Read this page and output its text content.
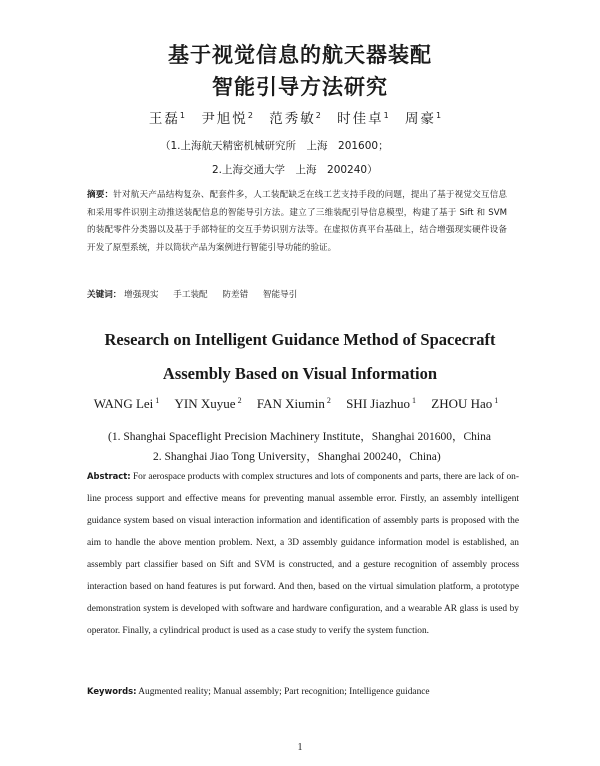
基于视觉信息的航天器装配
智能引导方法研究
王磊$^1$ 尹旭悦$^2$ 范秀敏$^2$ 时佳卓$^1$ 周豪$^1$
（1.上海航天精密机械研究所　上海　201600；
2.上海交通大学　上海　200240）
摘要：针对航天产品结构复杂、配套件多，人工装配缺乏在线工艺支持手段的问题，提出了基于视觉交互信息和采用零件识别主动推送装配信息的智能导引方法。建立了三维装配引导信息模型，构建了基于 Sift 和 SVM 的装配零件分类器以及基于手部特征的交互手势识别方法等。在虚拟仿真平台基础上，结合增强现实硬件设备开发了原型系统，并以筒状产品为案例进行智能引导功能的验证。
关键词： 增强现实 手工装配 防差错 智能导引
Research on Intelligent Guidance Method of Spacecraft
Assembly Based on Visual Information
WANG Lei $^1$ YIN Xuyue $^2$ FAN Xiumin $^2$ SHI Jiazhuo $^1$ ZHOU Hao $^1$
(1. Shanghai Spaceflight Precision Machinery Institute，Shanghai 201600，China
2. Shanghai Jiao Tong University，Shanghai 200240，China)
Abstract: For aerospace products with complex structures and lots of components and parts, there are lack of on-line process support and effective means for preventing manual assemble error. Firstly, an assembly intelligent guidance system based on visual interaction information and identification of assembly parts is proposed with the aim to handle the above mention problem. Next, a 3D assembly guidance information model is established, an assembly part classifier based on Sift and SVM is constructed, and a gesture recognition of assembly process interaction based on hand features is put forward. And then, based on the virtual simulation platform, a prototype demonstration system is developed with software and hardware configuration, and a wearable AR glass is used by operator. Finally, a cylindrical product is used as a case study to verify the system function.
Keywords: Augmented reality; Manual assembly; Part recognition; Intelligence guidance
1
